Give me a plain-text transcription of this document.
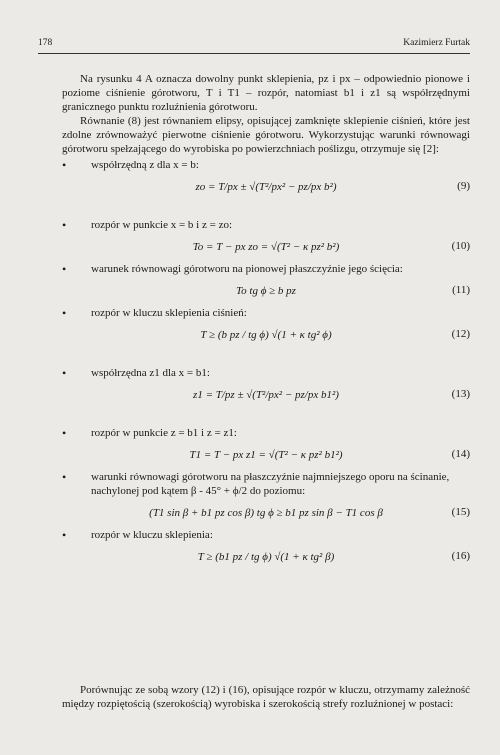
178	Kazimierz Furtak

Na rysunku 4 A oznacza dowolny punkt sklepienia, pz i px – odpowiednio pionowe i poziome ciśnienie górotworu, T i T1 – rozpór, natomiast b1 i z1 są współrzędnymi granicznego punktu rozluźnienia górotworu.

Równanie (8) jest równaniem elipsy, opisującej zamknięte sklepienie ciśnień, które jest zdolne zrównoważyć pierwotne ciśnienie górotworu. Wykorzystując warunki równowagi górotworu spełzającego do wyrobiska po powierzchniach poślizgu, otrzymuje się [2]:

• współrzędną z dla x = b:
zo = T/px ± √(T²/px² − pz/px b²)	(9)
• rozpór w punkcie x = b i z = zo:
To = T − px zo = √(T² − κ pz² b²)	(10)
• warunek równowagi górotworu na pionowej płaszczyźnie jego ścięcia:
To tg ϕ ≥ b pz	(11)
• rozpór w kluczu sklepienia ciśnień:
T ≥ (b pz / tg ϕ) √(1 + κ tg² ϕ)	(12)
• współrzędna z1 dla x = b1:
z1 = T/pz ± √(T²/px² − pz/px b1²)	(13)
• rozpór w punkcie z = b1 i z = z1:
T1 = T − px z1 = √(T² − κ pz² b1²)	(14)
• warunki równowagi górotworu na płaszczyźnie najmniejszego oporu na ścinanie, nachylonej pod kątem β - 45° + ϕ/2 do poziomu:
(T1 sin β + b1 pz cos β) tg ϕ ≥ b1 pz sin β − T1 cos β	(15)
• rozpór w kluczu sklepienia:
T ≥ (b1 pz / tg ϕ) √(1 + κ tg² β)	(16)

Porównując ze sobą wzory (12) i (16), opisujące rozpór w kluczu, otrzymamy zależność między rozpiętością (szerokością) wyrobiska i szerokością strefy rozluźnionej w postaci:
